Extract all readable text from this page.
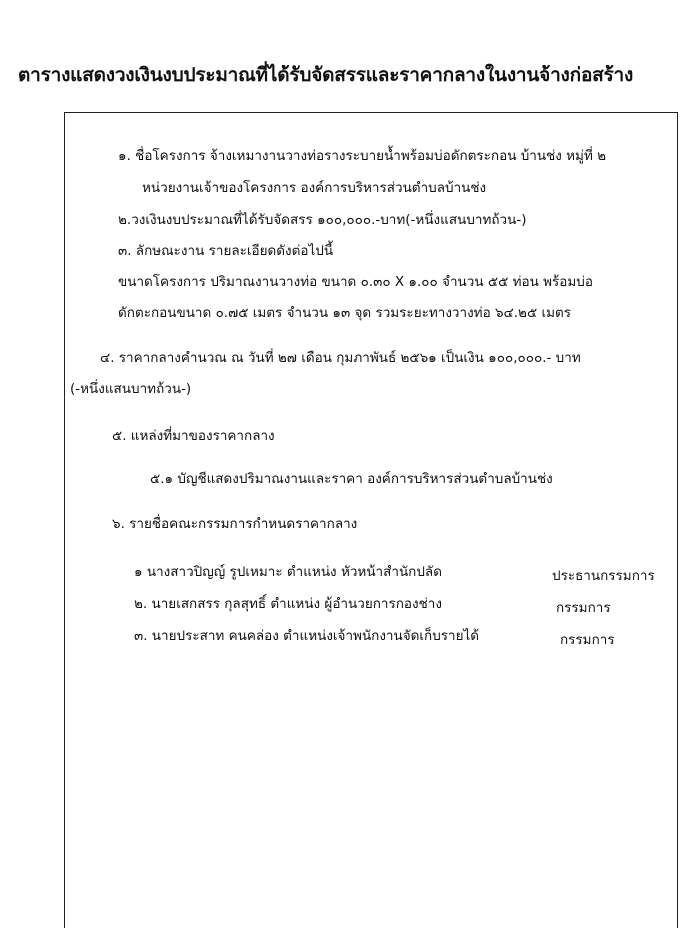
ตารางแสดงวงเงินงบประมาณที่ได้รับจัดสรรและราคากลางในงานจ้างก่อสร้าง
๑. ชื่อโครงการ จ้างเหมางานวางท่อรางระบายน้ำพร้อมบ่อดักตระกอน บ้านช่ง หมู่ที่ ๒
หน่วยงานเจ้าของโครงการ องค์การบริหารส่วนตำบลบ้านช่ง
๒.วงเงินงบประมาณที่ได้รับจัดสรร ๑๐๐,๐๐๐.-บาท(-หนึ่งแสนบาทถ้วน-)
๓. ลักษณะงาน รายละเอียดดังต่อไปนี้
ขนาดโครงการ ปริมาณงานวางท่อ ขนาด ๐.๓๐ X ๑.๐๐ จำนวน ๕๕ ท่อน พร้อมบ่อ
ดักตะกอนขนาด ๐.๗๕ เมตร จำนวน ๑๓ จุด รวมระยะทางวางท่อ ๖๔.๒๕ เมตร
๔. ราคากลางคำนวณ ณ วันที่ ๒๗ เดือน กุมภาพันธ์ ๒๕๖๑ เป็นเงิน ๑๐๐,๐๐๐.- บาท
(-หนึ่งแสนบาทถ้วน-)
๕. แหล่งที่มาของราคากลาง
๕.๑ บัญชีแสดงปริมาณงานและราคา องค์การบริหารส่วนตำบลบ้านช่ง
๖. รายชื่อคณะกรรมการกำหนดราคากลาง
๑ นางสาวปิญญ์ รูปเหมาะ ตำแหน่ง หัวหน้าสำนักปลัด	ประธานกรรมการ
๒. นายเสกสรร กุลสุทธิ์ ตำแหน่ง ผู้อำนวยการกองช่าง	กรรมการ
๓. นายประสาท คนคล่อง ตำแหน่งเจ้าพนักงานจัดเก็บรายได้	กรรมการ
